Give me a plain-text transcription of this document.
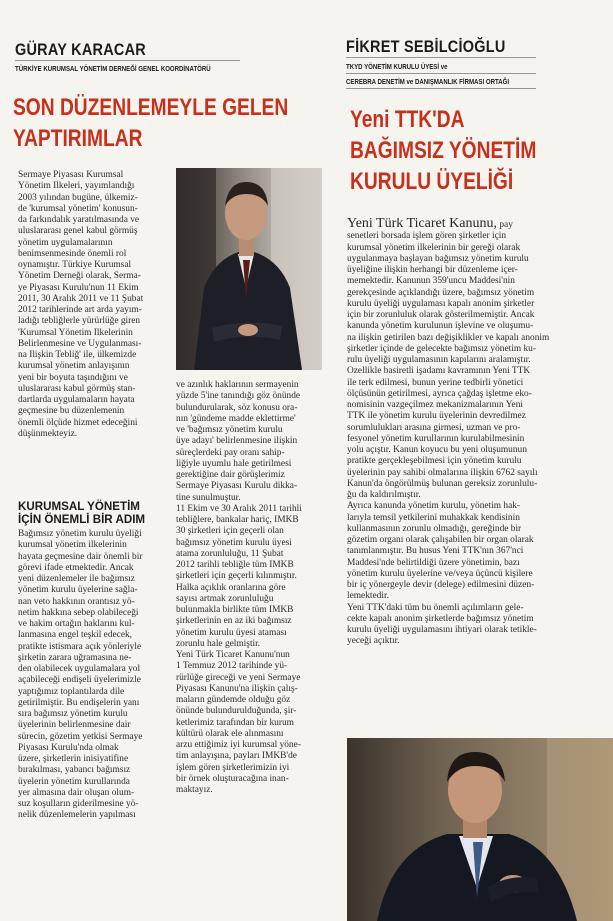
GÜRAY KARACAR
TÜRKİYE KURUMSAL YÖNETİM DERNEĞİ GENEL KOORDİNATÖRÜ
SON DÜZENLEMEYLE GELEN
YAPTIRIMLAR
Sermaye Piyasası Kurumsal
Yönetim İlkeleri, yayımlandığı
2003 yılından bugüne, ülkemiz-
de 'kurumsal yönetim' konusun-
da farkındalık yaratılmasında ve
uluslararası genel kabul görmüş
yönetim uygulamalarının
benimsenmesinde önemli rol
oynamıştır. Türkiye Kurumsal
Yönetim Derneği olarak, Serma-
ye Piyasası Kurulu'nun 11 Ekim
2011, 30 Aralık 2011 ve 11 Şubat
2012 tarihlerinde art arda yayım-
ladığı tebliğlerle yürürlüğe giren
'Kurumsal Yönetim İlkelerinin
Belirlenmesine ve Uygulanması-
na İlişkin Tebliğ' ile, ülkemizde
kurumsal yönetim anlayışının
yeni bir boyuta taşındığını ve
uluslararası kabul görmüş stan-
dartlarda uygulamaların hayata
geçmesine bu düzenlemenin
önemli ölçüde hizmet edeceğini
düşünmekteyiz.
KURUMSAL YÖNETİM
İÇİN ÖNEMLİ BİR ADIM
Bağımsız yönetim kurulu üyeliği
kurumsal yönetim ilkelerinin
hayata geçmesine dair önemli bir
görevi ifade etmektedir. Ancak
yeni düzenlemeler ile bağımsız
yönetim kurulu üyelerine sağla-
nan veto hakkının orantısız yö-
netim hakkına sebep olabileceği
ve hakim ortağın haklarını kul-
lanmasına engel teşkil edecek,
pratikte istismara açık yönleriyle
şirketin zarara uğramasına ne-
den olabilecek uygulamalara yol
açabileceği endişeli üyelerimizle
yaptığımız toplantılarda dile
getirilmiştir. Bu endişelerin yanı
sıra bağımsız yönetim kurulu
üyelerinin belirlenmesine dair
sürecin, gözetim yetkisi Sermaye
Piyasası Kurulu'nda olmak
üzere, şirketlerin inisiyatifine
bırakılması, yabancı bağımsız
üyelerin yönetim kurullarında
yer almasına dair oluşan olum-
suz koşulların giderilmesine yö-
nelik düzenlemelerin yapılması
ve azınlık haklarının sermayenin
yüzde 5'ine tanındığı göz önünde
bulundurularak, söz konusu ora-
nın 'gündeme madde eklettirme'
ve 'bağımsız yönetim kurulu
üye adayı' belirlenmesine ilişkin
süreçlerdeki pay oranı sahip-
liğiyle uyumlu hale getirilmesi
gerektiğine dair görüşlerimiz
Sermaye Piyasası Kurulu dikka-
tine sunulmuştur.
11 Ekim ve 30 Aralık 2011 tarihli
tebliğlere, bankalar hariç, İMKB
30 şirketleri için geçerli olan
bağımsız yönetim kurulu üyesi
atama zorunluluğu, 11 Şubat
2012 tarihli tebliğle tüm İMKB
şirketleri için geçerli kılınmıştır.
Halka açıklık oranlarına göre
sayısı artmak zorunluluğu
bulunmakla birlikte tüm İMKB
şirketlerinin en az iki bağımsız
yönetim kurulu üyesi ataması
zorunlu hale gelmiştir.
Yeni Türk Ticaret Kanunu'nun
1 Temmuz 2012 tarihinde yü-
rürlüğe gireceği ve yeni Sermaye
Piyasası Kanunu'na ilişkin çalış-
maların gündemde olduğu göz
önünde bulundurulduğunda, şir-
ketlerimiz tarafından bir kurum
kültürü olarak ele alınmasını
arzu ettiğimiz iyi kurumsal yöne-
tim anlayışına, payları İMKB'de
işlem gören şirketlerimizin iyi
bir örnek oluşturacağına inan-
maktayız.
FİKRET SEBİLCİOĞLU
TKYD YÖNETİM KURULU ÜYESİ ve
CEREBRA DENETİM ve DANIŞMANLIK FİRMASI ORTAĞI
Yeni TTK'DA
BAĞIMSIZ YÖNETİM
KURULU ÜYELİĞİ
Yeni Türk Ticaret Kanunu, pay
senetleri borsada işlem gören şirketler için
kurumsal yönetim ilkelerinin bir gereği olarak
uygulanmaya başlayan bağımsız yönetim kurulu
üyeliğine ilişkin herhangi bir düzenleme içer-
memektedir. Kanunun 359'uncu Maddesi'nin
gerekçesinde açıklandığı üzere, bağımsız yönetim
kurulu üyeliği uygulaması kapalı anonim şirketler
için bir zorunluluk olarak gösterilmemiştir. Ancak
kanunda yönetim kurulunun işlevine ve oluşumu-
na ilişkin getirilen bazı değişiklikler ve kapalı anonim
şirketler içinde de gelecekte bağımsız yönetim ku-
rulu üyeliği uygulamasının kapılarını aralamıştır.
Özellikle basiretli işadamı kavramının Yeni TTK
ile terk edilmesi, bunun yerine tedbirli yönetici
ölçüsünün getirilmesi, ayrıca çağdaş işletme eko-
nomisinin vazgeçilmez mekanizmalarının Yeni
TTK ile yönetim kurulu üyelerinin devredilmez
sorumlulukları arasına girmesi, uzman ve pro-
fesyonel yönetim kurullarının kurulabilmesinin
yolu açıştır. Kanun koyucu bu yeni oluşumunun
pratikte gerçekleşebilmesi için yönetim kurulu
üyelerinin pay sahibi olmalarına ilişkin 6762 sayılı
Kanun'da öngörülmüş bulunan gereksiz zorunlulu-
ğu da kaldırılmıştır.
Ayrıca kanunda yönetim kurulu, yönetim hak-
larıyla temsil yetkilerini muhakkak kendisinin
kullanmasının zorunlu olmadığı, gereğinde bir
gözetim organı olarak çalışabilen bir organ olarak
tanımlanmıştır. Bu husus Yeni TTK'nın 367'nci
Maddesi'nde belirtildiği üzere yönetimin, bazı
yönetim kurulu üyelerine ve/veya üçüncü kişilere
bir iç yönergeyle devir (delege) edilmesini düzen-
lemektedir.
Yeni TTK'daki tüm bu önemli açılımların gele-
cekte kapalı anonim şirketlerde bağımsız yönetim
kurulu üyeliği uygulamasını ihtiyari olarak tetikle-
yeceği açıktır.
